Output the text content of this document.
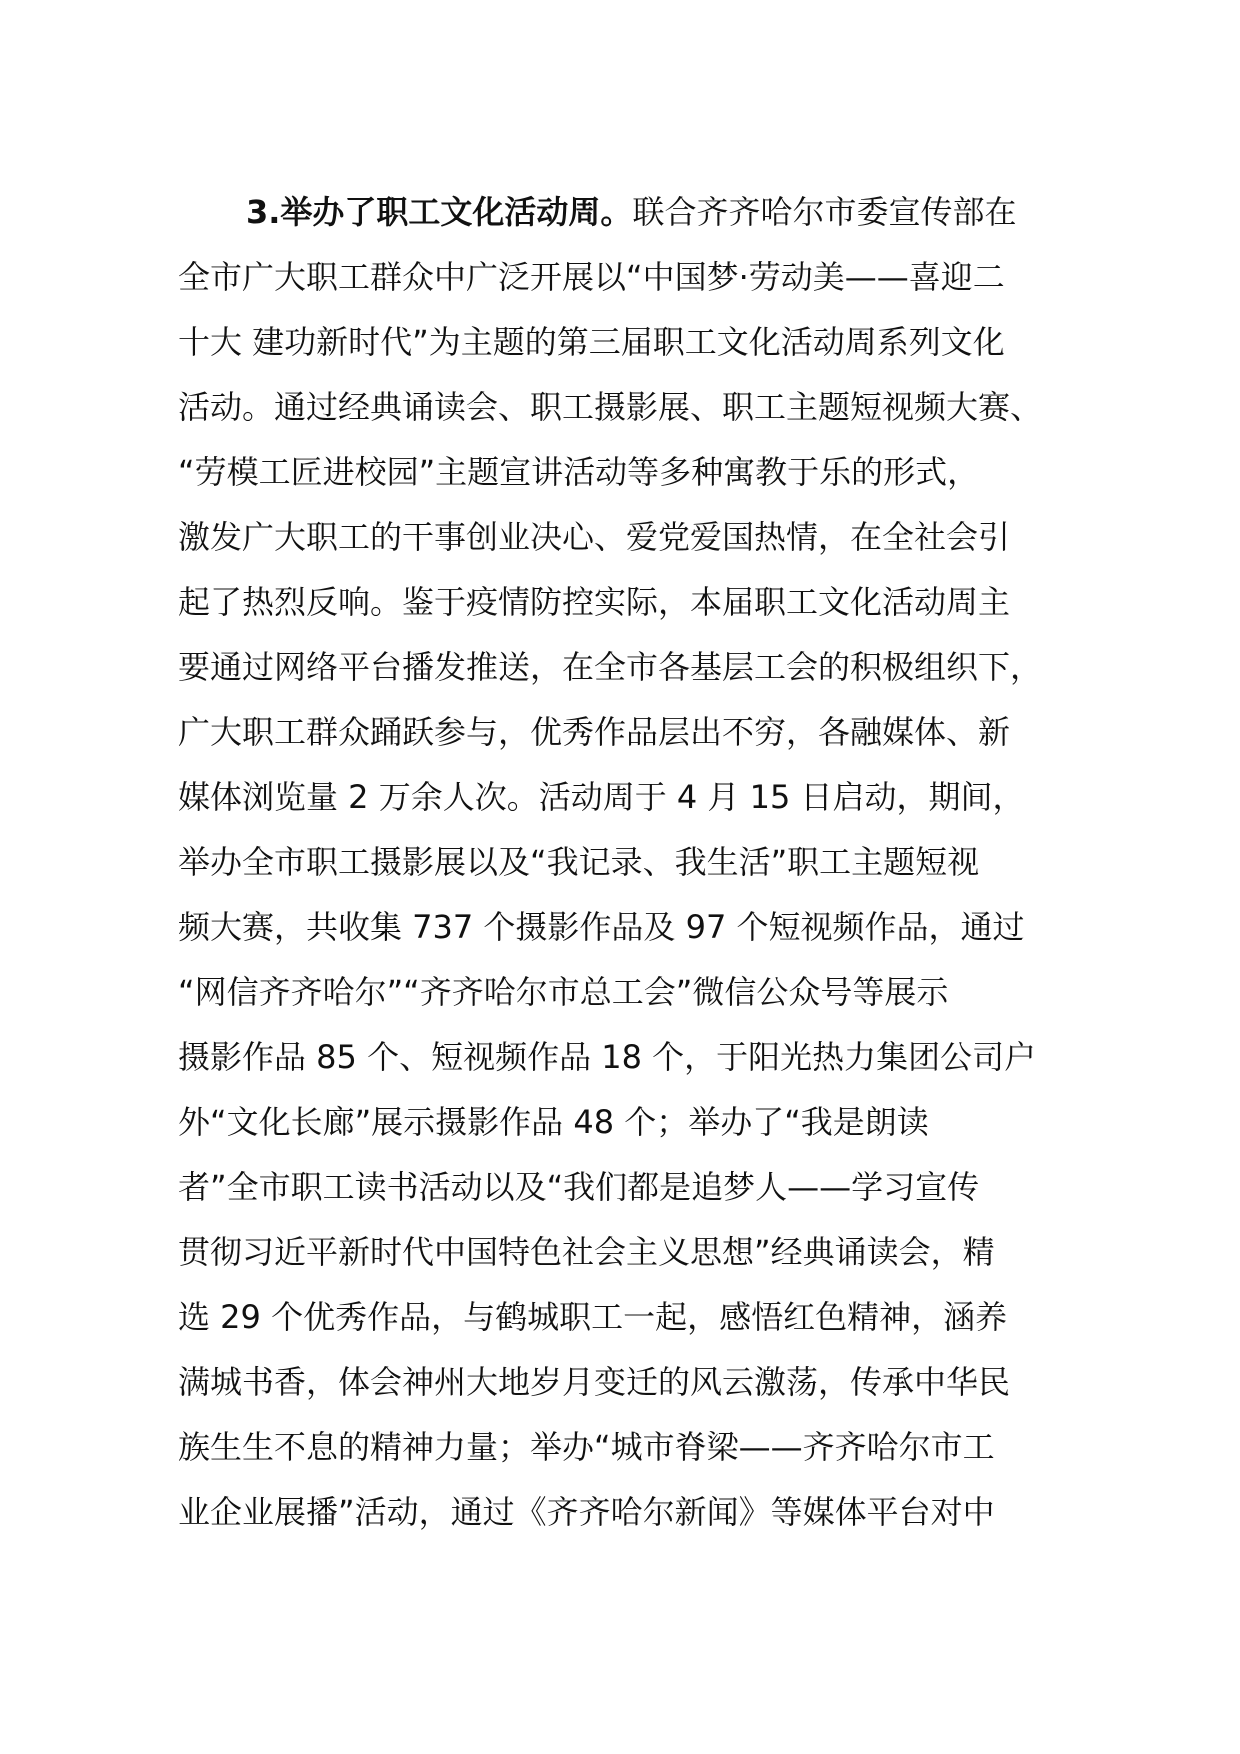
3.举办了职工文化活动周。联合齐齐哈尔市委宣传部在
全市广大职工群众中广泛开展以“中国梦·劳动美——喜迎二
十大 建功新时代”为主题的第三届职工文化活动周系列文化
活动。通过经典诵读会、职工摄影展、职工主题短视频大赛、
“劳模工匠进校园”主题宣讲活动等多种寓教于乐的形式，
激发广大职工的干事创业决心、爱党爱国热情，在全社会引
起了热烈反响。鉴于疫情防控实际，本届职工文化活动周主
要通过网络平台播发推送，在全市各基层工会的积极组织下，
广大职工群众踊跃参与，优秀作品层出不穷，各融媒体、新
媒体浏览量 2 万余人次。活动周于 4 月 15 日启动，期间，
举办全市职工摄影展以及“我记录、我生活”职工主题短视
频大赛，共收集 737 个摄影作品及 97 个短视频作品，通过
“网信齐齐哈尔”“齐齐哈尔市总工会”微信公众号等展示
摄影作品 85 个、短视频作品 18 个，于阳光热力集团公司户
外“文化长廊”展示摄影作品 48 个；举办了“我是朗读
者”全市职工读书活动以及“我们都是追梦人——学习宣传
贯彻习近平新时代中国特色社会主义思想”经典诵读会，精
选 29 个优秀作品，与鹤城职工一起，感悟红色精神，涵养
满城书香，体会神州大地岁月变迁的风云激荡，传承中华民
族生生不息的精神力量；举办“城市脊梁——齐齐哈尔市工
业企业展播”活动，通过《齐齐哈尔新闻》等媒体平台对中
